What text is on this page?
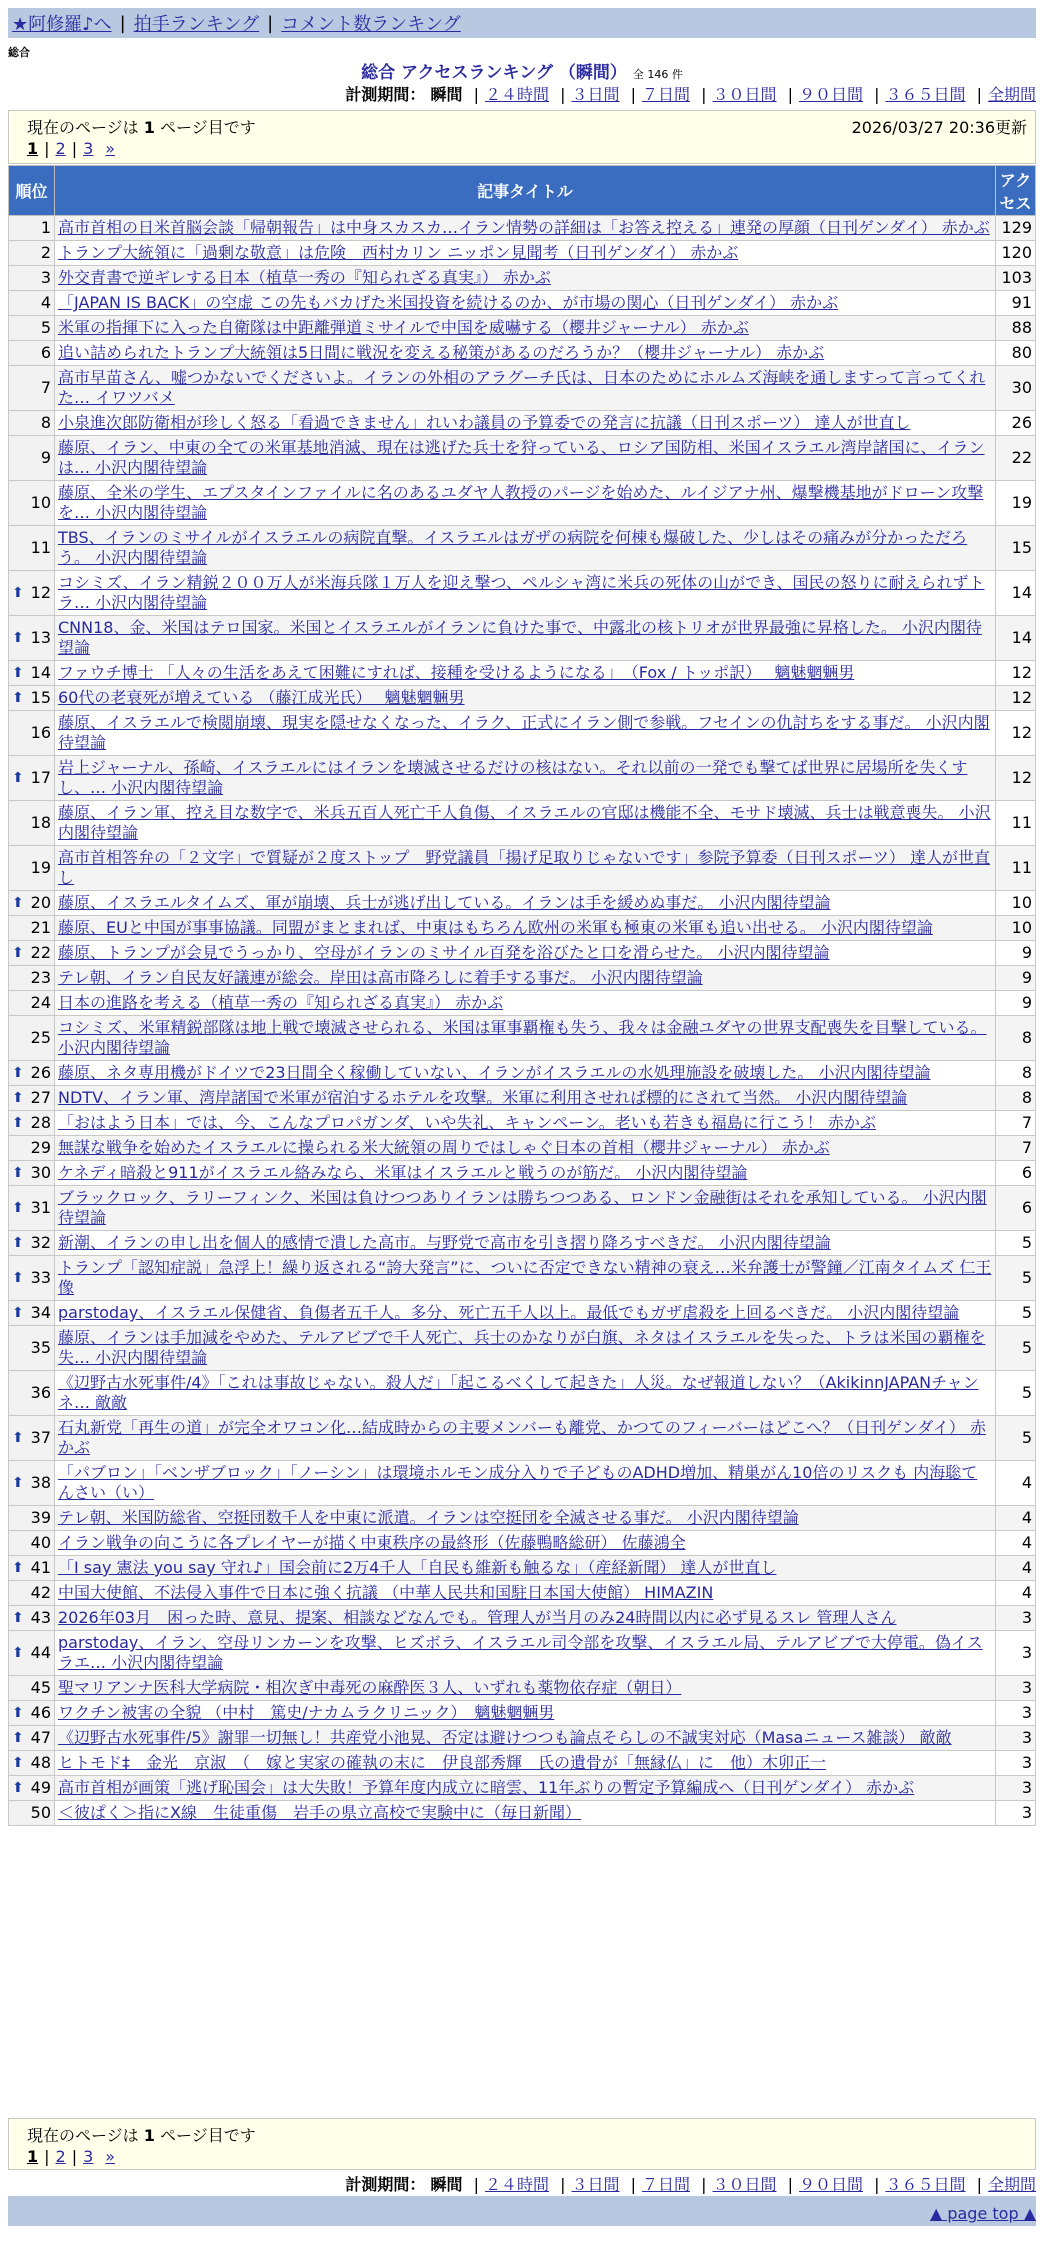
★阿修羅♪へ | 拍手ランキング | コメント数ランキング
総合
総合 アクセスランキング （瞬間） 全 146 件
計測期間： 瞬間 | ２４時間 | ３日間 | ７日間 | ３０日間 | ９０日間 | ３６５日間 | 全期間
現在のページは 1 ページ目です	2026/03/27 20:36更新
1 | 2 | 3 »
順位	記事タイトル	アクセス
1	高市首相の日米首脳会談「帰朝報告」は中身スカスカ…イラン情勢の詳細は「お答え控える」連発の厚顔（日刊ゲンダイ） 赤かぶ	129
2	トランプ大統領に「過剰な敬意」は危険　西村カリン ニッポン見聞考（日刊ゲンダイ） 赤かぶ	120
3	外交青書で逆ギレする日本（植草一秀の『知られざる真実』） 赤かぶ	103
4	「JAPAN IS BACK」の空虚 この先もバカげた米国投資を続けるのか、が市場の関心（日刊ゲンダイ） 赤かぶ	91
5	米軍の指揮下に入った自衛隊は中距離弾道ミサイルで中国を威嚇する（櫻井ジャーナル） 赤かぶ	88
6	追い詰められたトランプ大統領は5日間に戦況を変える秘策があるのだろうか？（櫻井ジャーナル） 赤かぶ	80
7	高市早苗さん、嘘つかないでくださいよ。イランの外相のアラグーチ氏は、日本のためにホルムズ海峡を通しますって言ってくれた… イワツバメ	30
8	小泉進次郎防衛相が珍しく怒る「看過できません」れいわ議員の予算委での発言に抗議（日刊スポーツ） 達人が世直し	26
9	藤原、イラン、中東の全ての米軍基地消滅、現在は逃げた兵士を狩っている、ロシア国防相、米国イスラエル湾岸諸国に、イランは… 小沢内閣待望論	22
10	藤原、全米の学生、エプスタインファイルに名のあるユダヤ人教授のパージを始めた、ルイジアナ州、爆撃機基地がドローン攻撃を… 小沢内閣待望論	19
11	TBS、イランのミサイルがイスラエルの病院直撃。イスラエルはガザの病院を何棟も爆破した、少しはその痛みが分かっただろう。 小沢内閣待望論	15

⬆ 12	コシミズ、イラン精鋭２００万人が米海兵隊１万人を迎え撃つ、ペルシャ湾に米兵の死体の山ができ、国民の怒りに耐えられずトラ… 小沢内閣待望論	14

⬆ 13	CNN18、金、米国はテロ国家。米国とイスラエルがイランに負けた事で、中露北の核トリオが世界最強に昇格した。 小沢内閣待望論	14

⬆ 14	ファウチ博士 「人々の生活をあえて困難にすれば、接種を受けるようになる」　（Fox / トッポ訳）　 魑魅魍魎男	12

⬆ 15	60代の老衰死が増えている （藤江成光氏）　 魑魅魍魎男	12
16	藤原、イスラエルで検閲崩壊、現実を隠せなくなった、イラク、正式にイラン側で参戦。フセインの仇討ちをする事だ。 小沢内閣待望論	12

⬆ 17	岩上ジャーナル、孫崎、イスラエルにはイランを壊滅させるだけの核はない。それ以前の一発でも撃てば世界に居場所を失くすし、… 小沢内閣待望論	12
18	藤原、イラン軍、控え目な数字で、米兵五百人死亡千人負傷、イスラエルの官邸は機能不全、モサド壊滅、兵士は戦意喪失。 小沢内閣待望論	11
19	高市首相答弁の「２文字」で質疑が２度ストップ　野党議員「揚げ足取りじゃないです」参院予算委（日刊スポーツ） 達人が世直し	11

⬆ 20	藤原、イスラエルタイムズ、軍が崩壊、兵士が逃げ出している。イランは手を緩めぬ事だ。 小沢内閣待望論	10
21	藤原、EUと中国が事事協議。同盟がまとまれば、中東はもちろん欧州の米軍も極東の米軍も追い出せる。 小沢内閣待望論	10

⬆ 22	藤原、トランプが会見でうっかり、空母がイランのミサイル百発を浴びたと口を滑らせた。 小沢内閣待望論	9
23	テレ朝、イラン自民友好議連が総会。岸田は高市降ろしに着手する事だ。 小沢内閣待望論	9
24	日本の進路を考える（植草一秀の『知られざる真実』） 赤かぶ	9
25	コシミズ、米軍精鋭部隊は地上戦で壊滅させられる、米国は軍事覇権も失う、我々は金融ユダヤの世界支配喪失を目撃している。 小沢内閣待望論	8

⬆ 26	藤原、ネタ専用機がドイツで23日間全く稼働していない、イランがイスラエルの水処理施設を破壊した。 小沢内閣待望論	8

⬆ 27	NDTV、イラン軍、湾岸諸国で米軍が宿泊するホテルを攻撃。米軍に利用させれば標的にされて当然。 小沢内閣待望論	8

⬆ 28	「おはよう日本」では、今、こんなプロパガンダ、いや失礼、キャンペーン。老いも若きも福島に行こう！ 赤かぶ	7
29	無謀な戦争を始めたイスラエルに操られる米大統領の周りではしゃぐ日本の首相（櫻井ジャーナル） 赤かぶ	7

⬆ 30	ケネディ暗殺と911がイスラエル絡みなら、米軍はイスラエルと戦うのが筋だ。 小沢内閣待望論	6

⬆ 31	ブラックロック、ラリーフィンク、米国は負けつつありイランは勝ちつつある、ロンドン金融街はそれを承知している。 小沢内閣待望論	6

⬆ 32	新潮、イランの申し出を個人的感情で潰した高市。与野党で高市を引き摺り降ろすべきだ。 小沢内閣待望論	5

⬆ 33	トランプ「認知症説」急浮上！繰り返される“誇大発言”に、ついに否定できない精神の衰え…米弁護士が警鐘／江南タイムズ 仁王像	5

⬆ 34	parstoday、イスラエル保健省、負傷者五千人。多分、死亡五千人以上。最低でもガザ虐殺を上回るべきだ。 小沢内閣待望論	5
35	藤原、イランは手加減をやめた、テルアビブで千人死亡、兵士のかなりが白旗、ネタはイスラエルを失った、トラは米国の覇権を失… 小沢内閣待望論	5
36	《辺野古水死事件/4》「これは事故じゃない。殺人だ」「起こるべくして起きた」人災。なぜ報道しない？（AkikinnJAPANチャンネ… 敵敵	5

⬆ 37	石丸新党「再生の道」が完全オワコン化…結成時からの主要メンバーも離党、かつてのフィーバーはどこへ？（日刊ゲンダイ） 赤かぶ	5

⬆ 38	「パブロン」「ベンザブロック」「ノーシン」は環境ホルモン成分入りで子どものADHD増加、精巣がん10倍のリスクも 内海聡てんさい（い）	4
39	テレ朝、米国防総省、空挺団数千人を中東に派遣。イランは空挺団を全滅させる事だ。 小沢内閣待望論	4
40	イラン戦争の向こうに各プレイヤーが描く中東秩序の最終形（佐藤鴨略総研） 佐藤鴻全	4

⬆ 41	「I say 憲法 you say 守れ♪」国会前に2万4千人「自民も維新も触るな」（産経新聞） 達人が世直し	4
42	中国大使館、不法侵入事件で日本に強く抗議 （中華人民共和国駐日本国大使館） HIMAZIN	4

⬆ 43	2026年03月　困った時、意見、提案、相談などなんでも。管理人が当月のみ24時間以内に必ず見るスレ 管理人さん	3

⬆ 44	parstoday、イラン、空母リンカーンを攻撃、ヒズボラ、イスラエル司令部を攻撃、イスラエル局、テルアビブで大停電。偽イスラエ… 小沢内閣待望論	3
45	聖マリアンナ医科大学病院・相次ぎ中毒死の麻酔医３人、いずれも薬物依存症（朝日）	3

⬆ 46	ワクチン被害の全貌 （中村　篤史/ナカムラクリニック）　魑魅魍魎男	3

⬆ 47	《辺野古水死事件/5》謝罪一切無し！共産党小池晃、否定は避けつつも論点そらしの不誠実対応（Masaニュース雑談） 敵敵	3

⬆ 48	ヒトモド‡　金光　京淑　（　嫁と実家の確執の末に　伊良部秀輝　氏の遺骨が「無縁仏」に　他）木卯正一	3

⬆ 49	高市首相が画策「逃げ恥国会」は大失敗！予算年度内成立に暗雲、11年ぶりの暫定予算編成へ（日刊ゲンダイ） 赤かぶ	3
50	＜彼ぱく＞指にX線　生徒重傷　岩手の県立高校で実験中に（毎日新聞）	3
現在のページは 1 ページ目です
1 | 2 | 3 »
計測期間： 瞬間 | ２４時間 | ３日間 | ７日間 | ３０日間 | ９０日間 | ３６５日間 | 全期間
▲ page top ▲
